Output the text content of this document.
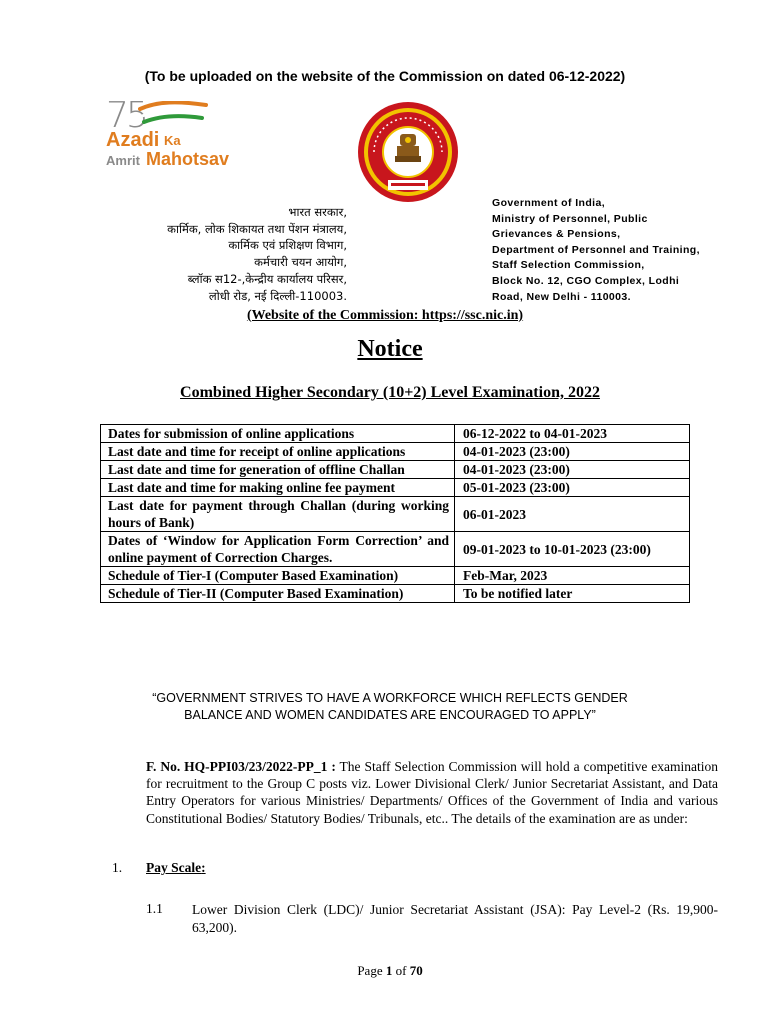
(To be uploaded on the website of the Commission on dated 06-12-2022)
75
Azadi Ka
Amrit Mahotsav
भारत सरकार,
कार्मिक, लोक शिकायत तथा पेंशन मंत्रालय,
कार्मिक एवं प्रशिक्षण विभाग,
कर्मचारी चयन आयोग,
ब्लॉक स12-,केन्द्रीय कार्यालय परिसर,
लोधी रोड, नई दिल्ली-110003.
Government of India,
Ministry of Personnel, Public
Grievances & Pensions,
Department of Personnel and Training,
Staff Selection Commission,
Block No. 12, CGO Complex, Lodhi
Road, New Delhi - 110003.
(Website of the Commission: https://ssc.nic.in)
Notice
Combined Higher Secondary (10+2) Level Examination, 2022
Dates for submission of online applications	06-12-2022 to 04-01-2023
Last date and time for receipt of online applications	04-01-2023 (23:00)
Last date and time for generation of offline Challan	04-01-2023 (23:00)
Last date and time for making online fee payment	05-01-2023 (23:00)
Last date for payment through Challan (during working hours of Bank)	06-01-2023
Dates of ‘Window for Application Form Correction’ and online payment of Correction Charges.	09-01-2023 to 10-01-2023 (23:00)
Schedule of Tier-I (Computer Based Examination)	Feb-Mar, 2023
Schedule of Tier-II (Computer Based Examination)	To be notified later
“GOVERNMENT STRIVES TO HAVE A WORKFORCE WHICH REFLECTS GENDER
BALANCE AND WOMEN CANDIDATES ARE ENCOURAGED TO APPLY”
F. No. HQ-PPI03/23/2022-PP_1 : The Staff Selection Commission will hold a competitive examination for recruitment to the Group C posts viz. Lower Divisional Clerk/ Junior Secretariat Assistant, and Data Entry Operators for various Ministries/ Departments/ Offices of the Government of India and various Constitutional Bodies/ Statutory Bodies/ Tribunals, etc.. The details of the examination are as under:
1. Pay Scale:
1.1 Lower Division Clerk (LDC)/ Junior Secretariat Assistant (JSA): Pay Level-2 (Rs. 19,900-63,200).
Page 1 of 70
